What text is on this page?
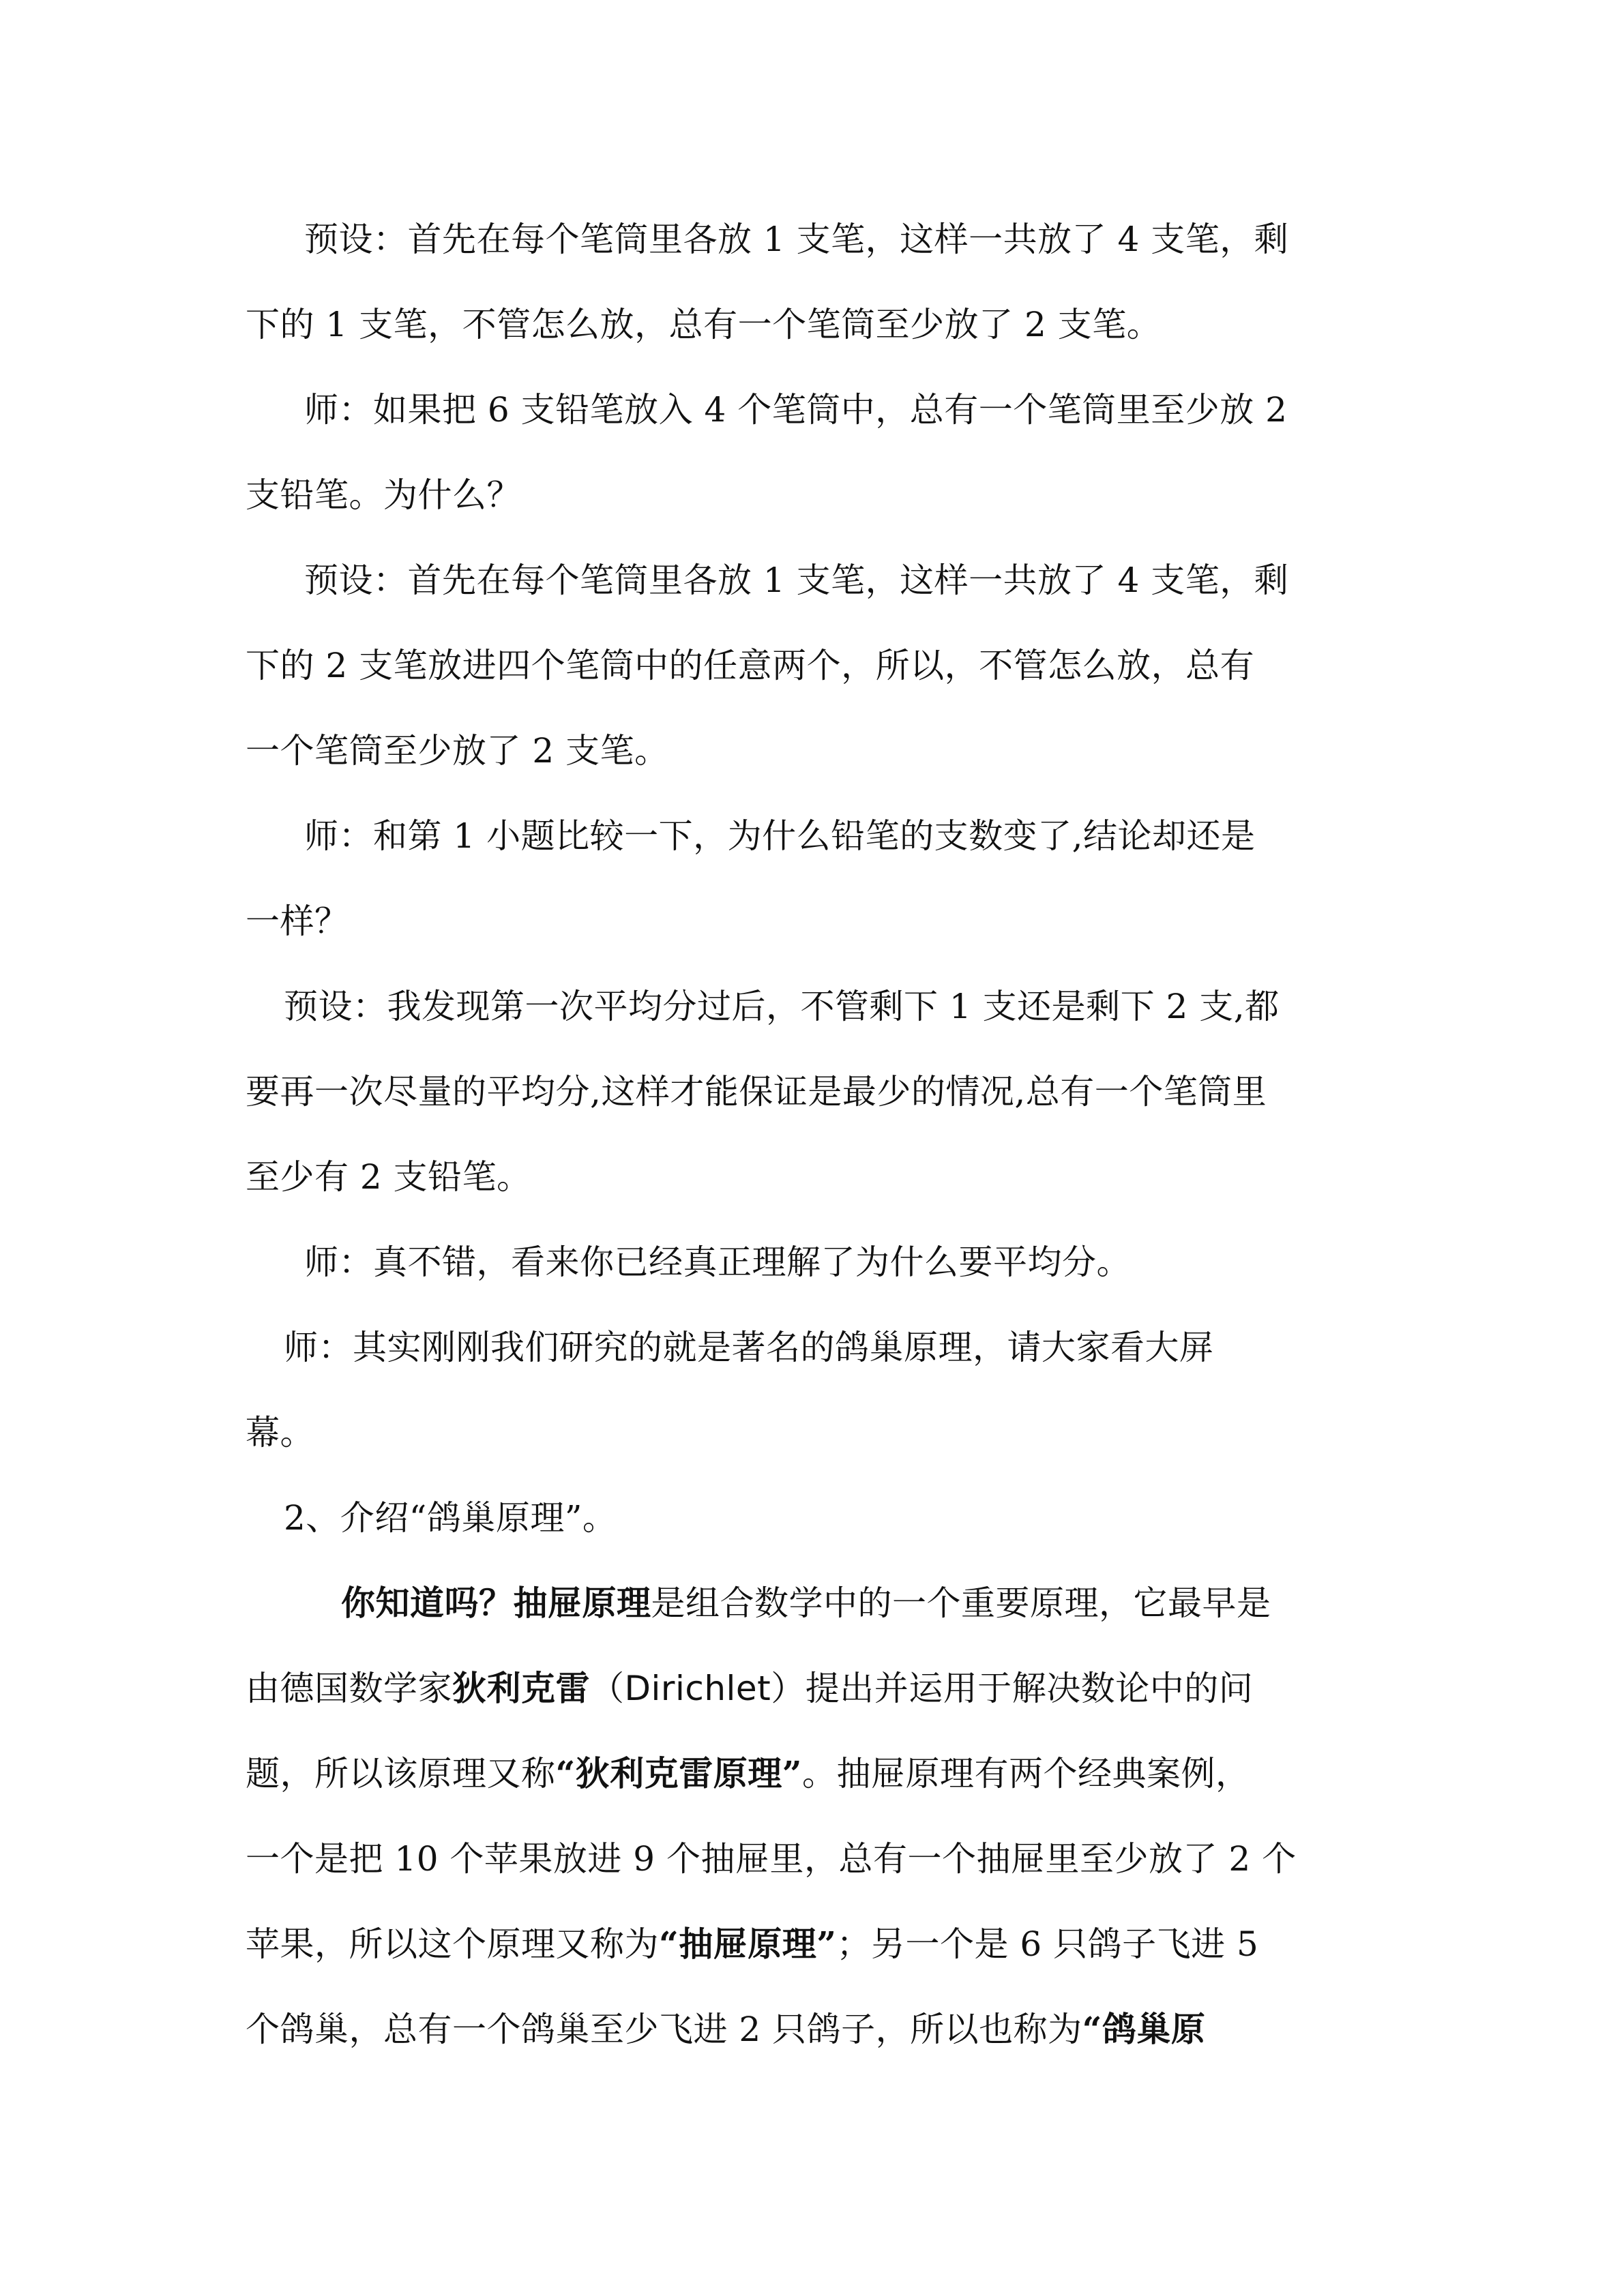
预设：首先在每个笔筒里各放 1 支笔，这样一共放了 4 支笔，剩
下的 1 支笔，不管怎么放，总有一个笔筒至少放了 2 支笔。
师：如果把 6 支铅笔放入 4 个笔筒中，总有一个笔筒里至少放 2
支铅笔。为什么？
预设：首先在每个笔筒里各放 1 支笔，这样一共放了 4 支笔，剩
下的 2 支笔放进四个笔筒中的任意两个，所以，不管怎么放，总有
一个笔筒至少放了 2 支笔。
师：和第 1 小题比较一下，为什么铅笔的支数变了,结论却还是
一样？
预设：我发现第一次平均分过后，不管剩下 1 支还是剩下 2 支,都
要再一次尽量的平均分,这样才能保证是最少的情况,总有一个笔筒里
至少有 2 支铅笔。
师：真不错，看来你已经真正理解了为什么要平均分。
师：其实刚刚我们研究的就是著名的鸽巢原理，请大家看大屏
幕。
2、介绍“鸽巢原理”。
你知道吗？抽屉原理是组合数学中的一个重要原理，它最早是
由德国数学家狄利克雷（Dirichlet）提出并运用于解决数论中的问
题，所以该原理又称“狄利克雷原理”。抽屉原理有两个经典案例，
一个是把 10 个苹果放进 9 个抽屉里，总有一个抽屉里至少放了 2 个
苹果，所以这个原理又称为“抽屉原理”；另一个是 6 只鸽子飞进 5
个鸽巢，总有一个鸽巢至少飞进 2 只鸽子，所以也称为“鸽巢原
